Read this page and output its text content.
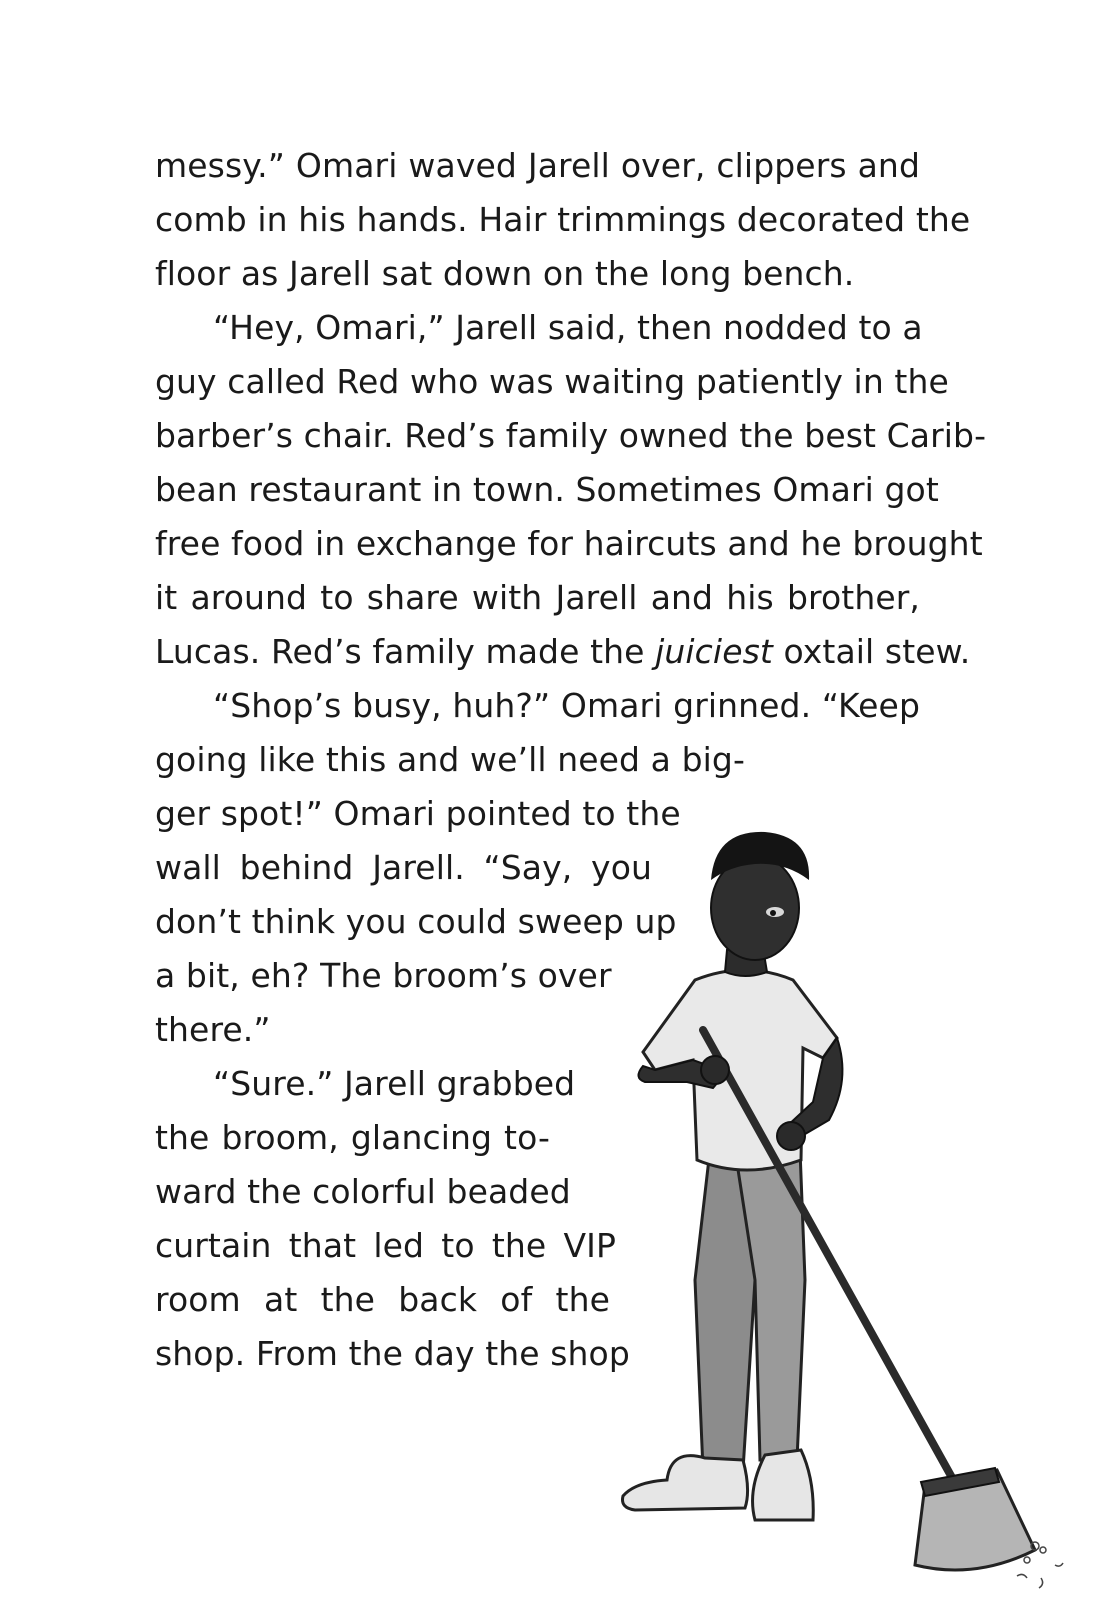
messy.” Omari waved Jarell over, clippers and
comb in his hands. Hair trimmings decorated the
floor as Jarell sat down on the long bench.
“Hey, Omari,” Jarell said, then nodded to a
guy called Red who was waiting patiently in the
barber’s chair. Red’s family owned the best Carib-
bean restaurant in town. Sometimes Omari got
free food in exchange for haircuts and he brought
it around to share with Jarell and his brother,
Lucas. Red’s family made the juiciest oxtail stew.
“Shop’s busy, huh?” Omari grinned. “Keep
going like this and we’ll need a big-
ger spot!” Omari pointed to the
wall behind Jarell. “Say, you
don’t think you could sweep up
a bit, eh? The broom’s over
there.”
“Sure.” Jarell grabbed
the broom, glancing to-
ward the colorful beaded
curtain that led to the VIP
room at the back of the
shop. From the day the shop
